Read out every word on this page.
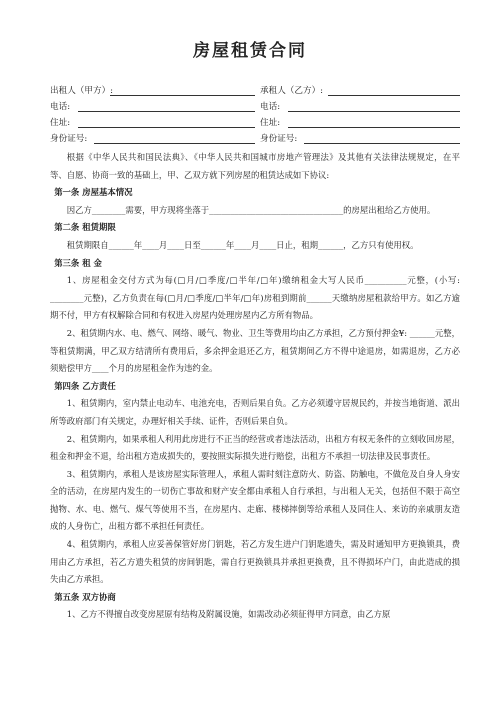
房屋租赁合同
出租人（甲方）:	承租人（乙方）:
电话:	电话:
住址:	住址:
身份证号:	身份证号:

根据《中华人民共和国民法典》、《中华人民共和国城市房地产管理法》及其他有关法律法规规定，在平等、自愿、协商一致的基础上，甲、乙双方就下列房屋的租赁达成如下协议:

第一条 房屋基本情况

因乙方________需要，甲方现将坐落于________________________________的房屋出租给乙方使用。

第二条 租赁期限

租赁期限自______年____月____日至______年____月____日止，租期______，乙方只有使用权。

第三条 租 金

1、房屋租金交付方式为每(□月/□季度/□半年/□年)缴纳租金大写人民币__________元整，(小写: ________元整)，乙方负责在每(□月/□季度/□半年/□年)房租到期前______天缴纳房屋租款给甲方。如乙方逾期不付，甲方有权解除合同和有权进入房屋内处理房屋内乙方所有物品。

2、租赁期内水、电、燃气、网络、暖气、物业、卫生等费用均由乙方承担，乙方预付押金¥: ______元整，等租赁期满，甲乙双方结清所有费用后，多余押金退还乙方，租赁期间乙方不得中途退房，如需退房，乙方必须赔偿甲方____个月的房屋租金作为违约金。

第四条 乙方责任

1、租赁期内，室内禁止电动车、电池充电，否则后果自负。乙方必须遵守居规民约，并按当地街道、派出所等政府部门有关规定，办理好相关手续、证件，否则后果自负。

2、租赁期内，如果承租人利用此房进行不正当的经营或者违法活动，出租方有权无条件的立刻收回房屋，租金和押金不退，给出租方造成损失的，要按照实际损失进行赔偿，出租方不承担一切法律及民事责任。

3、租赁期内，承租人是该房屋实际管理人，承租人需时刻注意防火、防盗、防触电，不做危及自身人身安全的活动，在房屋内发生的一切伤亡事故和财产安全都由承租人自行承担，与出租人无关，包括但不限于高空抛物、水、电、燃气、煤气等使用不当，在房屋内、走廊、楼梯摔倒等给承租人及同住人、来访的亲戚朋友造成的人身伤亡，出租方都不承担任何责任。

4、租赁期内，承租人应妥善保管好房门钥匙，若乙方发生进户门钥匙遗失，需及时通知甲方更换锁具，费用由乙方承担，若乙方遗失租赁的房间钥匙，需自行更换锁具并承担更换费，且不得损坏户门，由此造成的损失由乙方承担。

第五条 双方协商

1、乙方不得擅自改变房屋原有结构及附属设施，如需改动必须征得甲方同意，由乙方原
